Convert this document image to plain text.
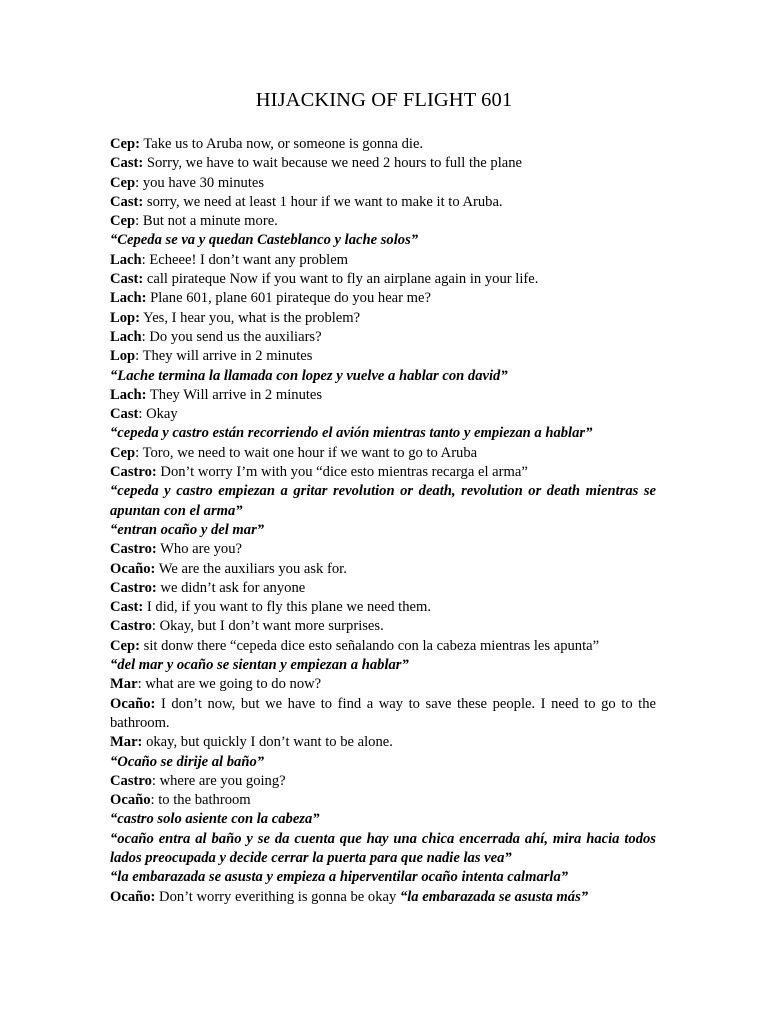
HIJACKING OF FLIGHT 601

Cep: Take us to Aruba now, or someone is gonna die.

Cast: Sorry, we have to wait because we need 2 hours to full the plane

Cep: you have 30 minutes

Cast: sorry, we need at least 1 hour if we want to make it to Aruba.

Cep: But not a minute more.

“Cepeda se va y quedan Casteblanco y lache solos”

Lach: Echeee! I don’t want any problem

Cast: call pirateque Now if you want to fly an airplane again in your life.

Lach: Plane 601, plane 601 pirateque do you hear me?

Lop: Yes, I hear you, what is the problem?

Lach: Do you send us the auxiliars?

Lop: They will arrive in 2 minutes

“Lache termina la llamada con lopez y vuelve a hablar con david”

Lach: They Will arrive in 2 minutes

Cast: Okay

“cepeda y castro están recorriendo el avión mientras tanto y empiezan a hablar”

Cep: Toro, we need to wait one hour if we want to go to Aruba

Castro: Don’t worry I’m with you “dice esto mientras recarga el arma”

“cepeda y castro empiezan a gritar revolution or death, revolution or death mientras se apuntan con el arma”

“entran ocaño y del mar”

Castro: Who are you?

Ocaño: We are the auxiliars you ask for.

Castro: we didn’t ask for anyone

Cast: I did, if you want to fly this plane we need them.

Castro: Okay, but I don’t want more surprises.

Cep: sit donw there “cepeda dice esto señalando con la cabeza mientras les apunta”

“del mar y ocaño se sientan y empiezan a hablar”

Mar: what are we going to do now?

Ocaño: I don’t now, but we have to find a way to save these people. I need to go to the bathroom.

Mar: okay, but quickly I don’t want to be alone.

“Ocaño se dirije al baño”

Castro: where are you going?

Ocaño: to the bathroom

“castro solo asiente con la cabeza”

“ocaño entra al baño y se da cuenta que hay una chica encerrada ahí, mira hacia todos lados preocupada y decide cerrar la puerta para que nadie las vea”

“la embarazada se asusta y empieza a hiperventilar ocaño intenta calmarla”

Ocaño: Don’t worry everithing is gonna be okay “la embarazada se asusta más”
